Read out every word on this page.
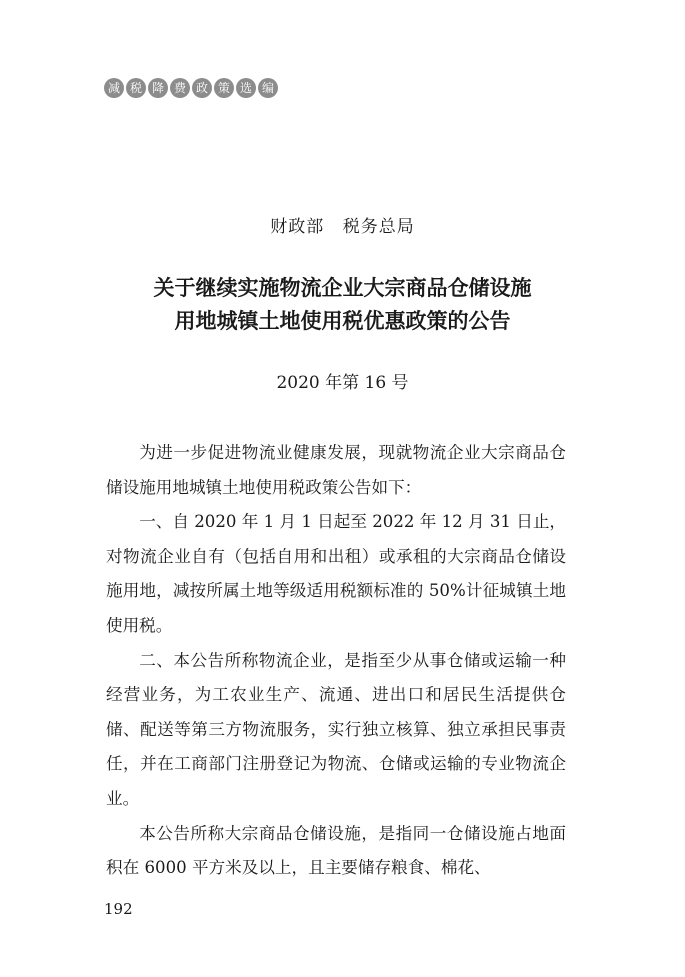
减 税 降 费 政 策 选 编
财政部 税务总局
关于继续实施物流企业大宗商品仓储设施
用地城镇土地使用税优惠政策的公告
2020 年第 16 号

为进一步促进物流业健康发展，现就物流企业大宗商品仓储设施用地城镇土地使用税政策公告如下：

一、自 2020 年 1 月 1 日起至 2022 年 12 月 31 日止，对物流企业自有（包括自用和出租）或承租的大宗商品仓储设施用地，减按所属土地等级适用税额标准的 50%计征城镇土地使用税。

二、本公告所称物流企业，是指至少从事仓储或运输一种经营业务，为工农业生产、流通、进出口和居民生活提供仓储、配送等第三方物流服务，实行独立核算、独立承担民事责任，并在工商部门注册登记为物流、仓储或运输的专业物流企业。

本公告所称大宗商品仓储设施，是指同一仓储设施占地面积在 6000 平方米及以上，且主要储存粮食、棉花、

192
